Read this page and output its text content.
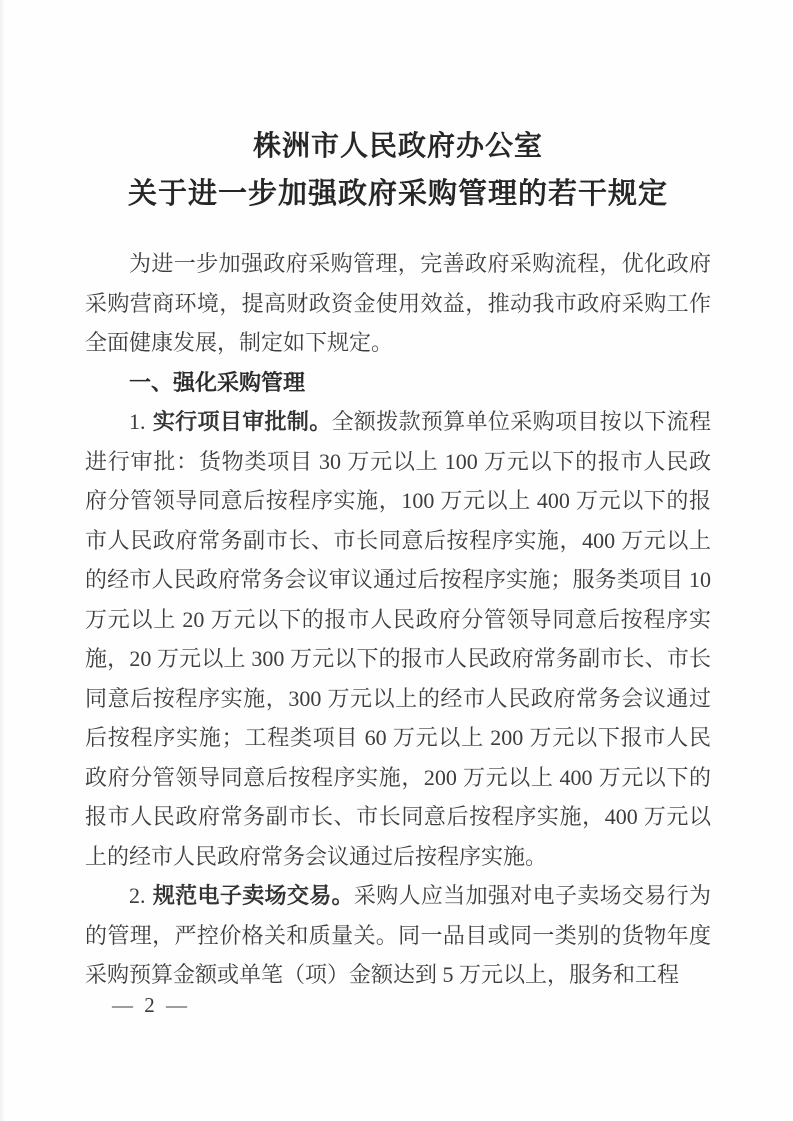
株洲市人民政府办公室
关于进一步加强政府采购管理的若干规定

为进一步加强政府采购管理，完善政府采购流程，优化政府采购营商环境，提高财政资金使用效益，推动我市政府采购工作全面健康发展，制定如下规定。

一、强化采购管理

1. 实行项目审批制。全额拨款预算单位采购项目按以下流程进行审批：货物类项目 30 万元以上 100 万元以下的报市人民政府分管领导同意后按程序实施，100 万元以上 400 万元以下的报市人民政府常务副市长、市长同意后按程序实施，400 万元以上的经市人民政府常务会议审议通过后按程序实施；服务类项目 10 万元以上 20 万元以下的报市人民政府分管领导同意后按程序实施，20 万元以上 300 万元以下的报市人民政府常务副市长、市长同意后按程序实施，300 万元以上的经市人民政府常务会议通过后按程序实施；工程类项目 60 万元以上 200 万元以下报市人民政府分管领导同意后按程序实施，200 万元以上 400 万元以下的报市人民政府常务副市长、市长同意后按程序实施，400 万元以上的经市人民政府常务会议通过后按程序实施。

2. 规范电子卖场交易。采购人应当加强对电子卖场交易行为的管理，严控价格关和质量关。同一品目或同一类别的货物年度采购预算金额或单笔（项）金额达到 5 万元以上，服务和工程

— 2 —
